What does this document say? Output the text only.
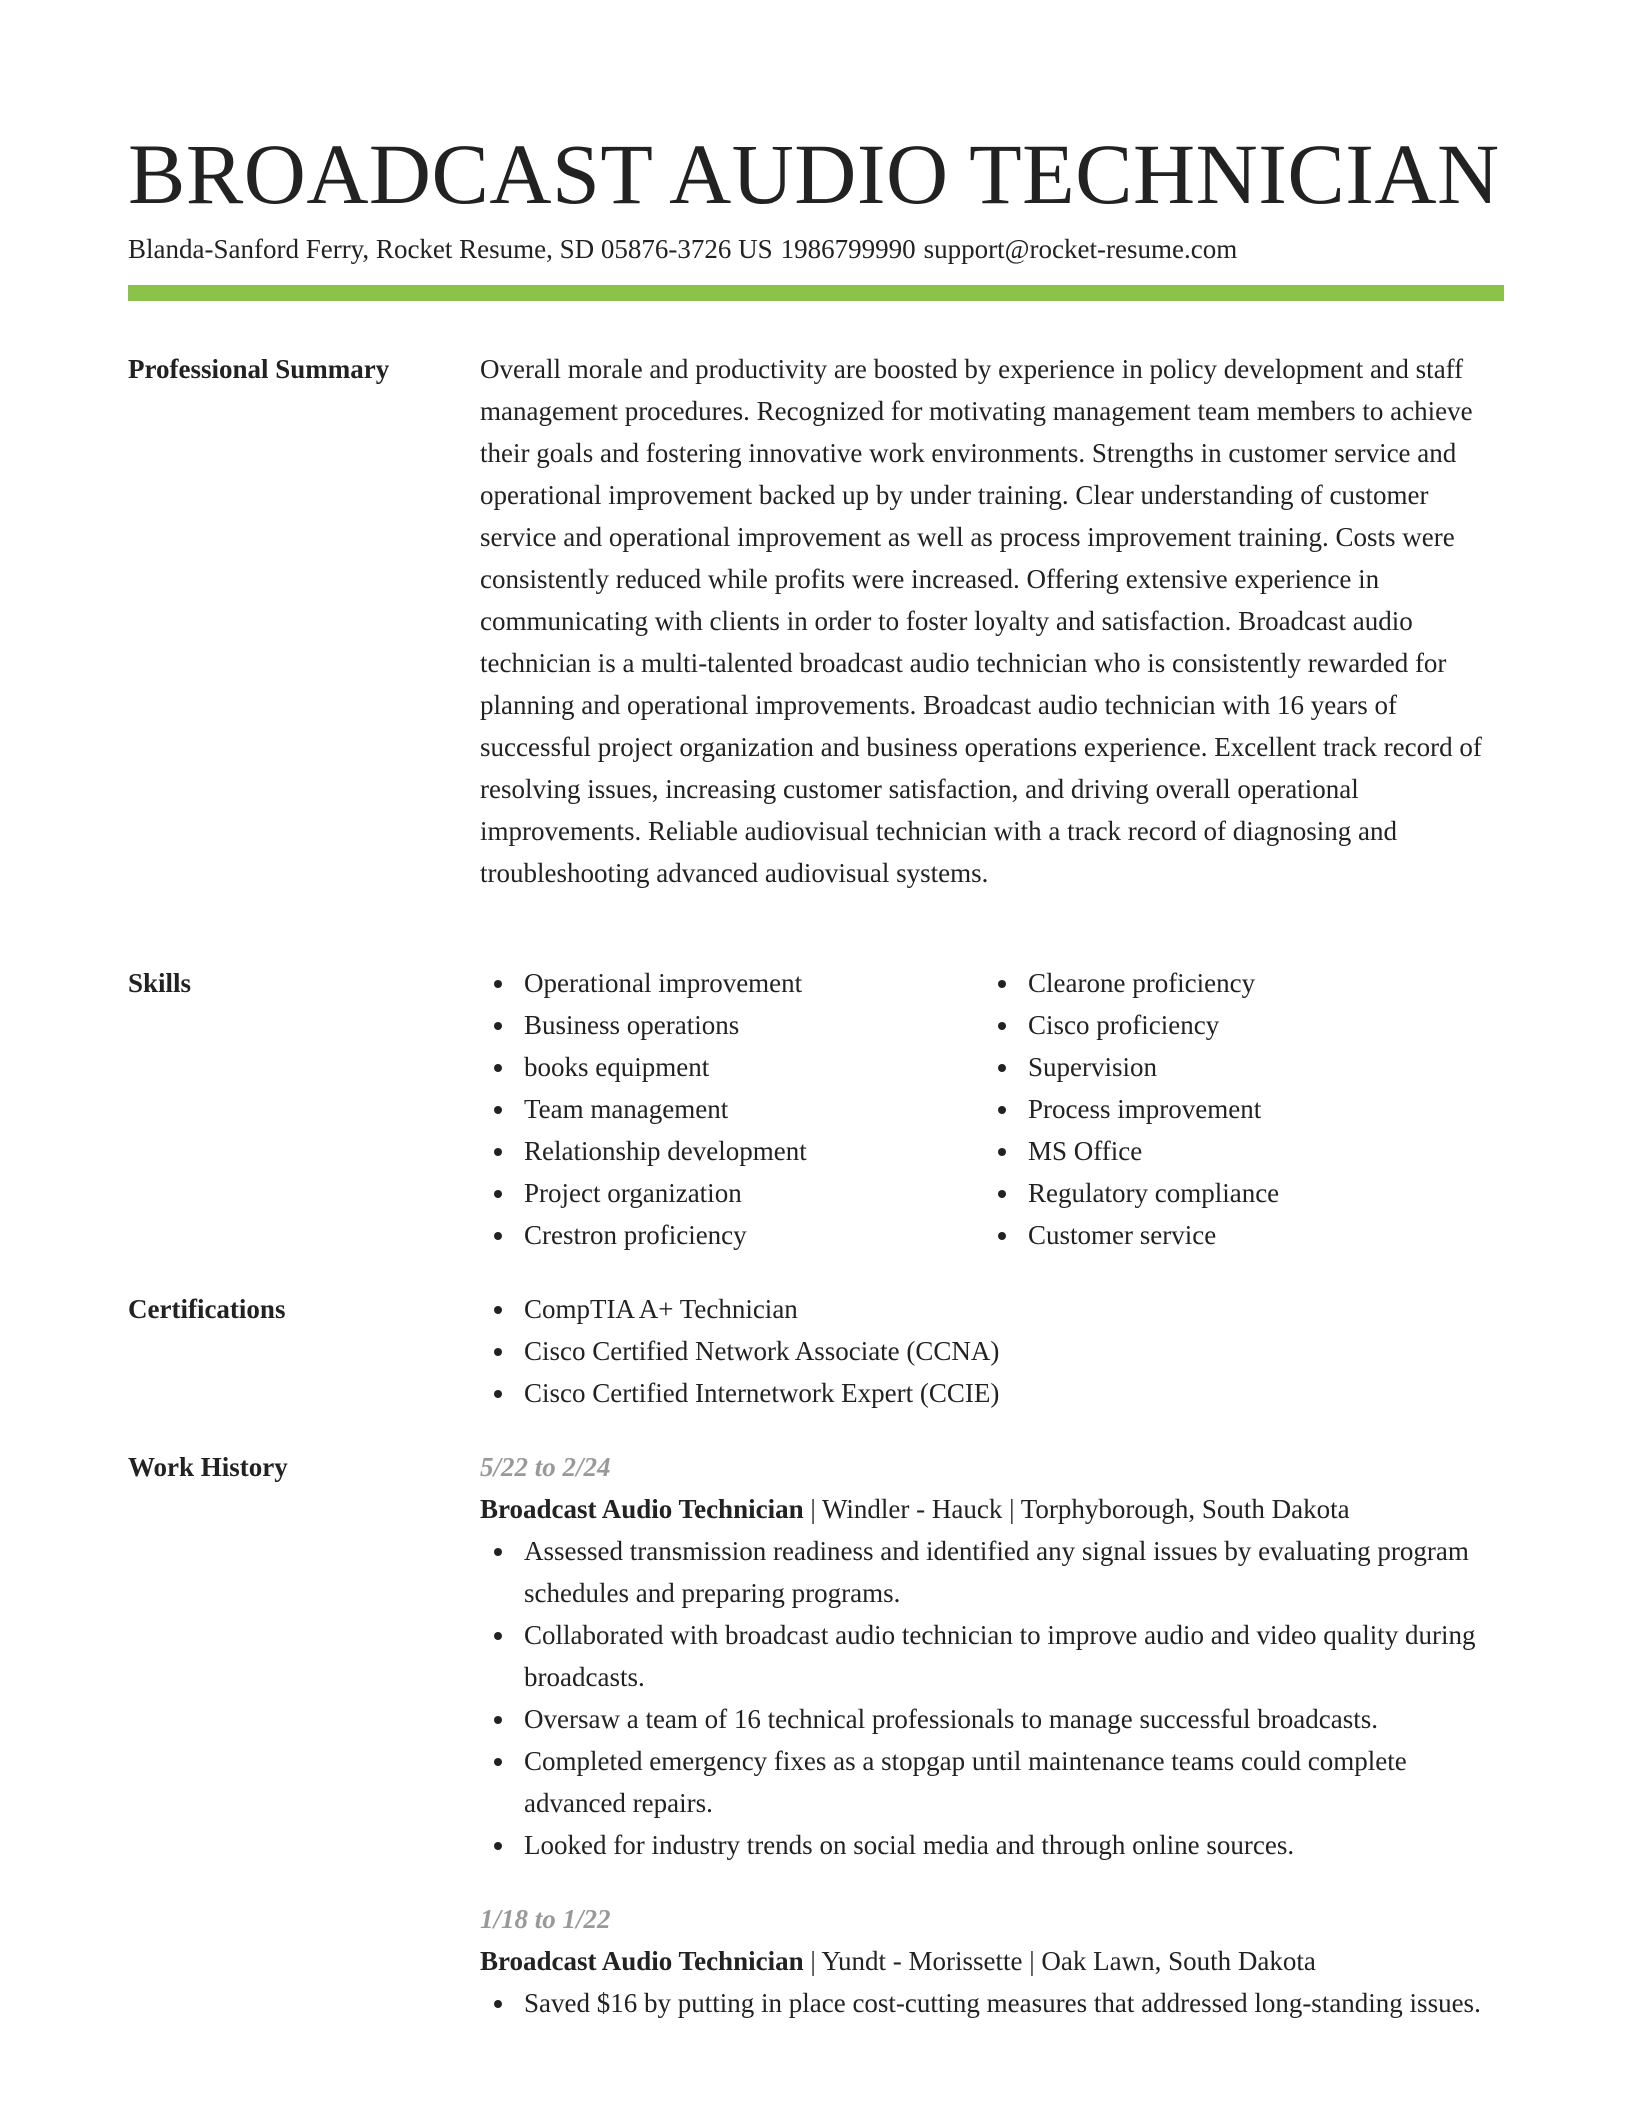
BROADCAST AUDIO TECHNICIAN
Blanda-Sanford Ferry, Rocket Resume, SD 05876-3726 US 1986799990 support@rocket-resume.com
Professional Summary	Overall morale and productivity are boosted by experience in policy development and staff management procedures. Recognized for motivating management team members to achieve their goals and fostering innovative work environments. Strengths in customer service and operational improvement backed up by under training. Clear understanding of customer service and operational improvement as well as process improvement training. Costs were consistently reduced while profits were increased. Offering extensive experience in communicating with clients in order to foster loyalty and satisfaction. Broadcast audio technician is a multi-talented broadcast audio technician who is consistently rewarded for planning and operational improvements. Broadcast audio technician with 16 years of successful project organization and business operations experience. Excellent track record of resolving issues, increasing customer satisfaction, and driving overall operational improvements. Reliable audiovisual technician with a track record of diagnosing and troubleshooting advanced audiovisual systems.

Skills	Operational improvement
Business operations
books equipment
Team management
Relationship development
Project organization
Crestron proficiency
Clearone proficiency
Cisco proficiency
Supervision
Process improvement
MS Office
Regulatory compliance
Customer service
Certifications	CompTIA A+ Technician
Cisco Certified Network Associate (CCNA)
Cisco Certified Internetwork Expert (CCIE)
Work History	5/22 to 2/24
Broadcast Audio Technician | Windler - Hauck | Torphyborough, South Dakota
Assessed transmission readiness and identified any signal issues by evaluating program schedules and preparing programs.
Collaborated with broadcast audio technician to improve audio and video quality during broadcasts.
Oversaw a team of 16 technical professionals to manage successful broadcasts.
Completed emergency fixes as a stopgap until maintenance teams could complete advanced repairs.
Looked for industry trends on social media and through online sources.
1/18 to 1/22
Broadcast Audio Technician | Yundt - Morissette | Oak Lawn, South Dakota
Saved $16 by putting in place cost-cutting measures that addressed long-standing issues.
